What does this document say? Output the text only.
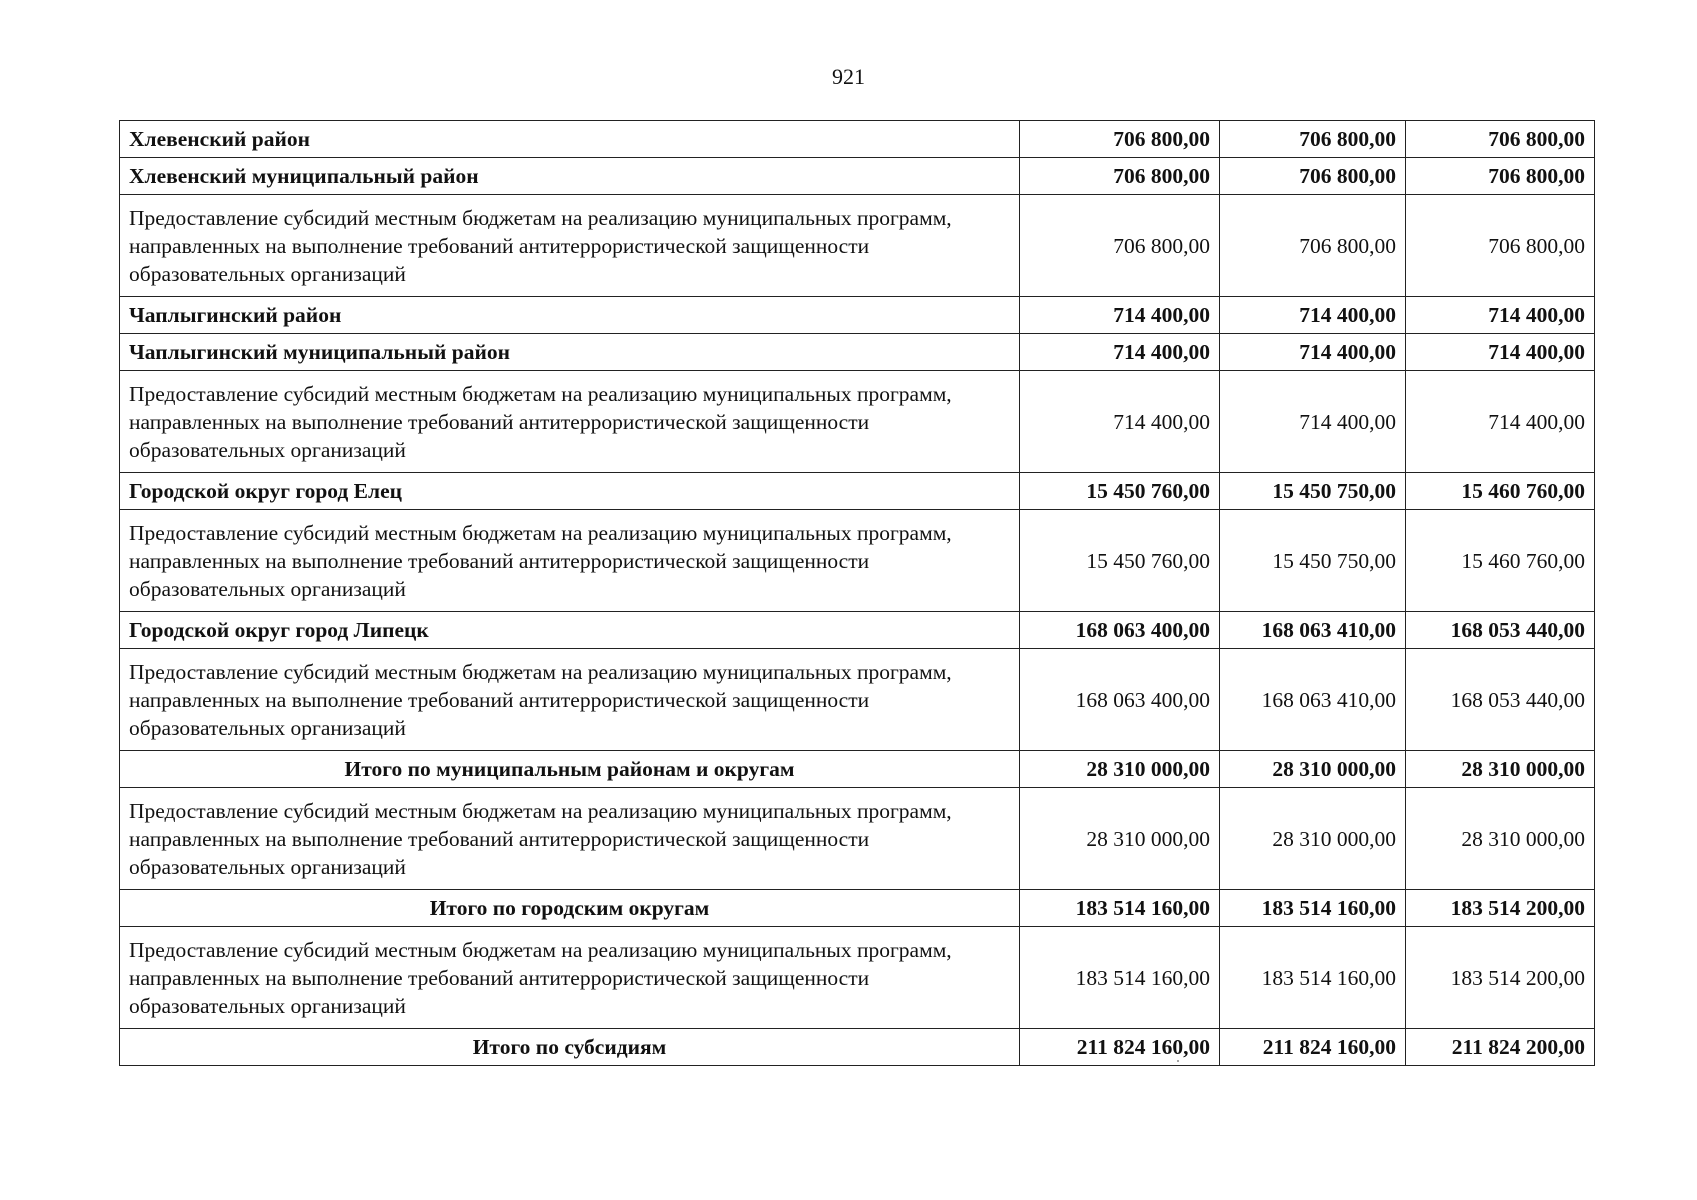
921
Хлевенский район	706 800,00	706 800,00	706 800,00
Хлевенский муниципальный район	706 800,00	706 800,00	706 800,00
Предоставление субсидий местным бюджетам на реализацию муниципальных программ, направленных на выполнение требований антитеррористической защищенности образовательных организаций	706 800,00	706 800,00	706 800,00
Чаплыгинский район	714 400,00	714 400,00	714 400,00
Чаплыгинский муниципальный район	714 400,00	714 400,00	714 400,00
Предоставление субсидий местным бюджетам на реализацию муниципальных программ, направленных на выполнение требований антитеррористической защищенности образовательных организаций	714 400,00	714 400,00	714 400,00
Городской округ город Елец	15 450 760,00	15 450 750,00	15 460 760,00
Предоставление субсидий местным бюджетам на реализацию муниципальных программ, направленных на выполнение требований антитеррористической защищенности образовательных организаций	15 450 760,00	15 450 750,00	15 460 760,00
Городской округ город Липецк	168 063 400,00	168 063 410,00	168 053 440,00
Предоставление субсидий местным бюджетам на реализацию муниципальных программ, направленных на выполнение требований антитеррористической защищенности образовательных организаций	168 063 400,00	168 063 410,00	168 053 440,00
Итого по муниципальным районам и округам	28 310 000,00	28 310 000,00	28 310 000,00
Предоставление субсидий местным бюджетам на реализацию муниципальных программ, направленных на выполнение требований антитеррористической защищенности образовательных организаций	28 310 000,00	28 310 000,00	28 310 000,00
Итого по городским округам	183 514 160,00	183 514 160,00	183 514 200,00
Предоставление субсидий местным бюджетам на реализацию муниципальных программ, направленных на выполнение требований антитеррористической защищенности образовательных организаций	183 514 160,00	183 514 160,00	183 514 200,00
Итого по субсидиям	211 824 160,00	211 824 160,00	211 824 200,00
